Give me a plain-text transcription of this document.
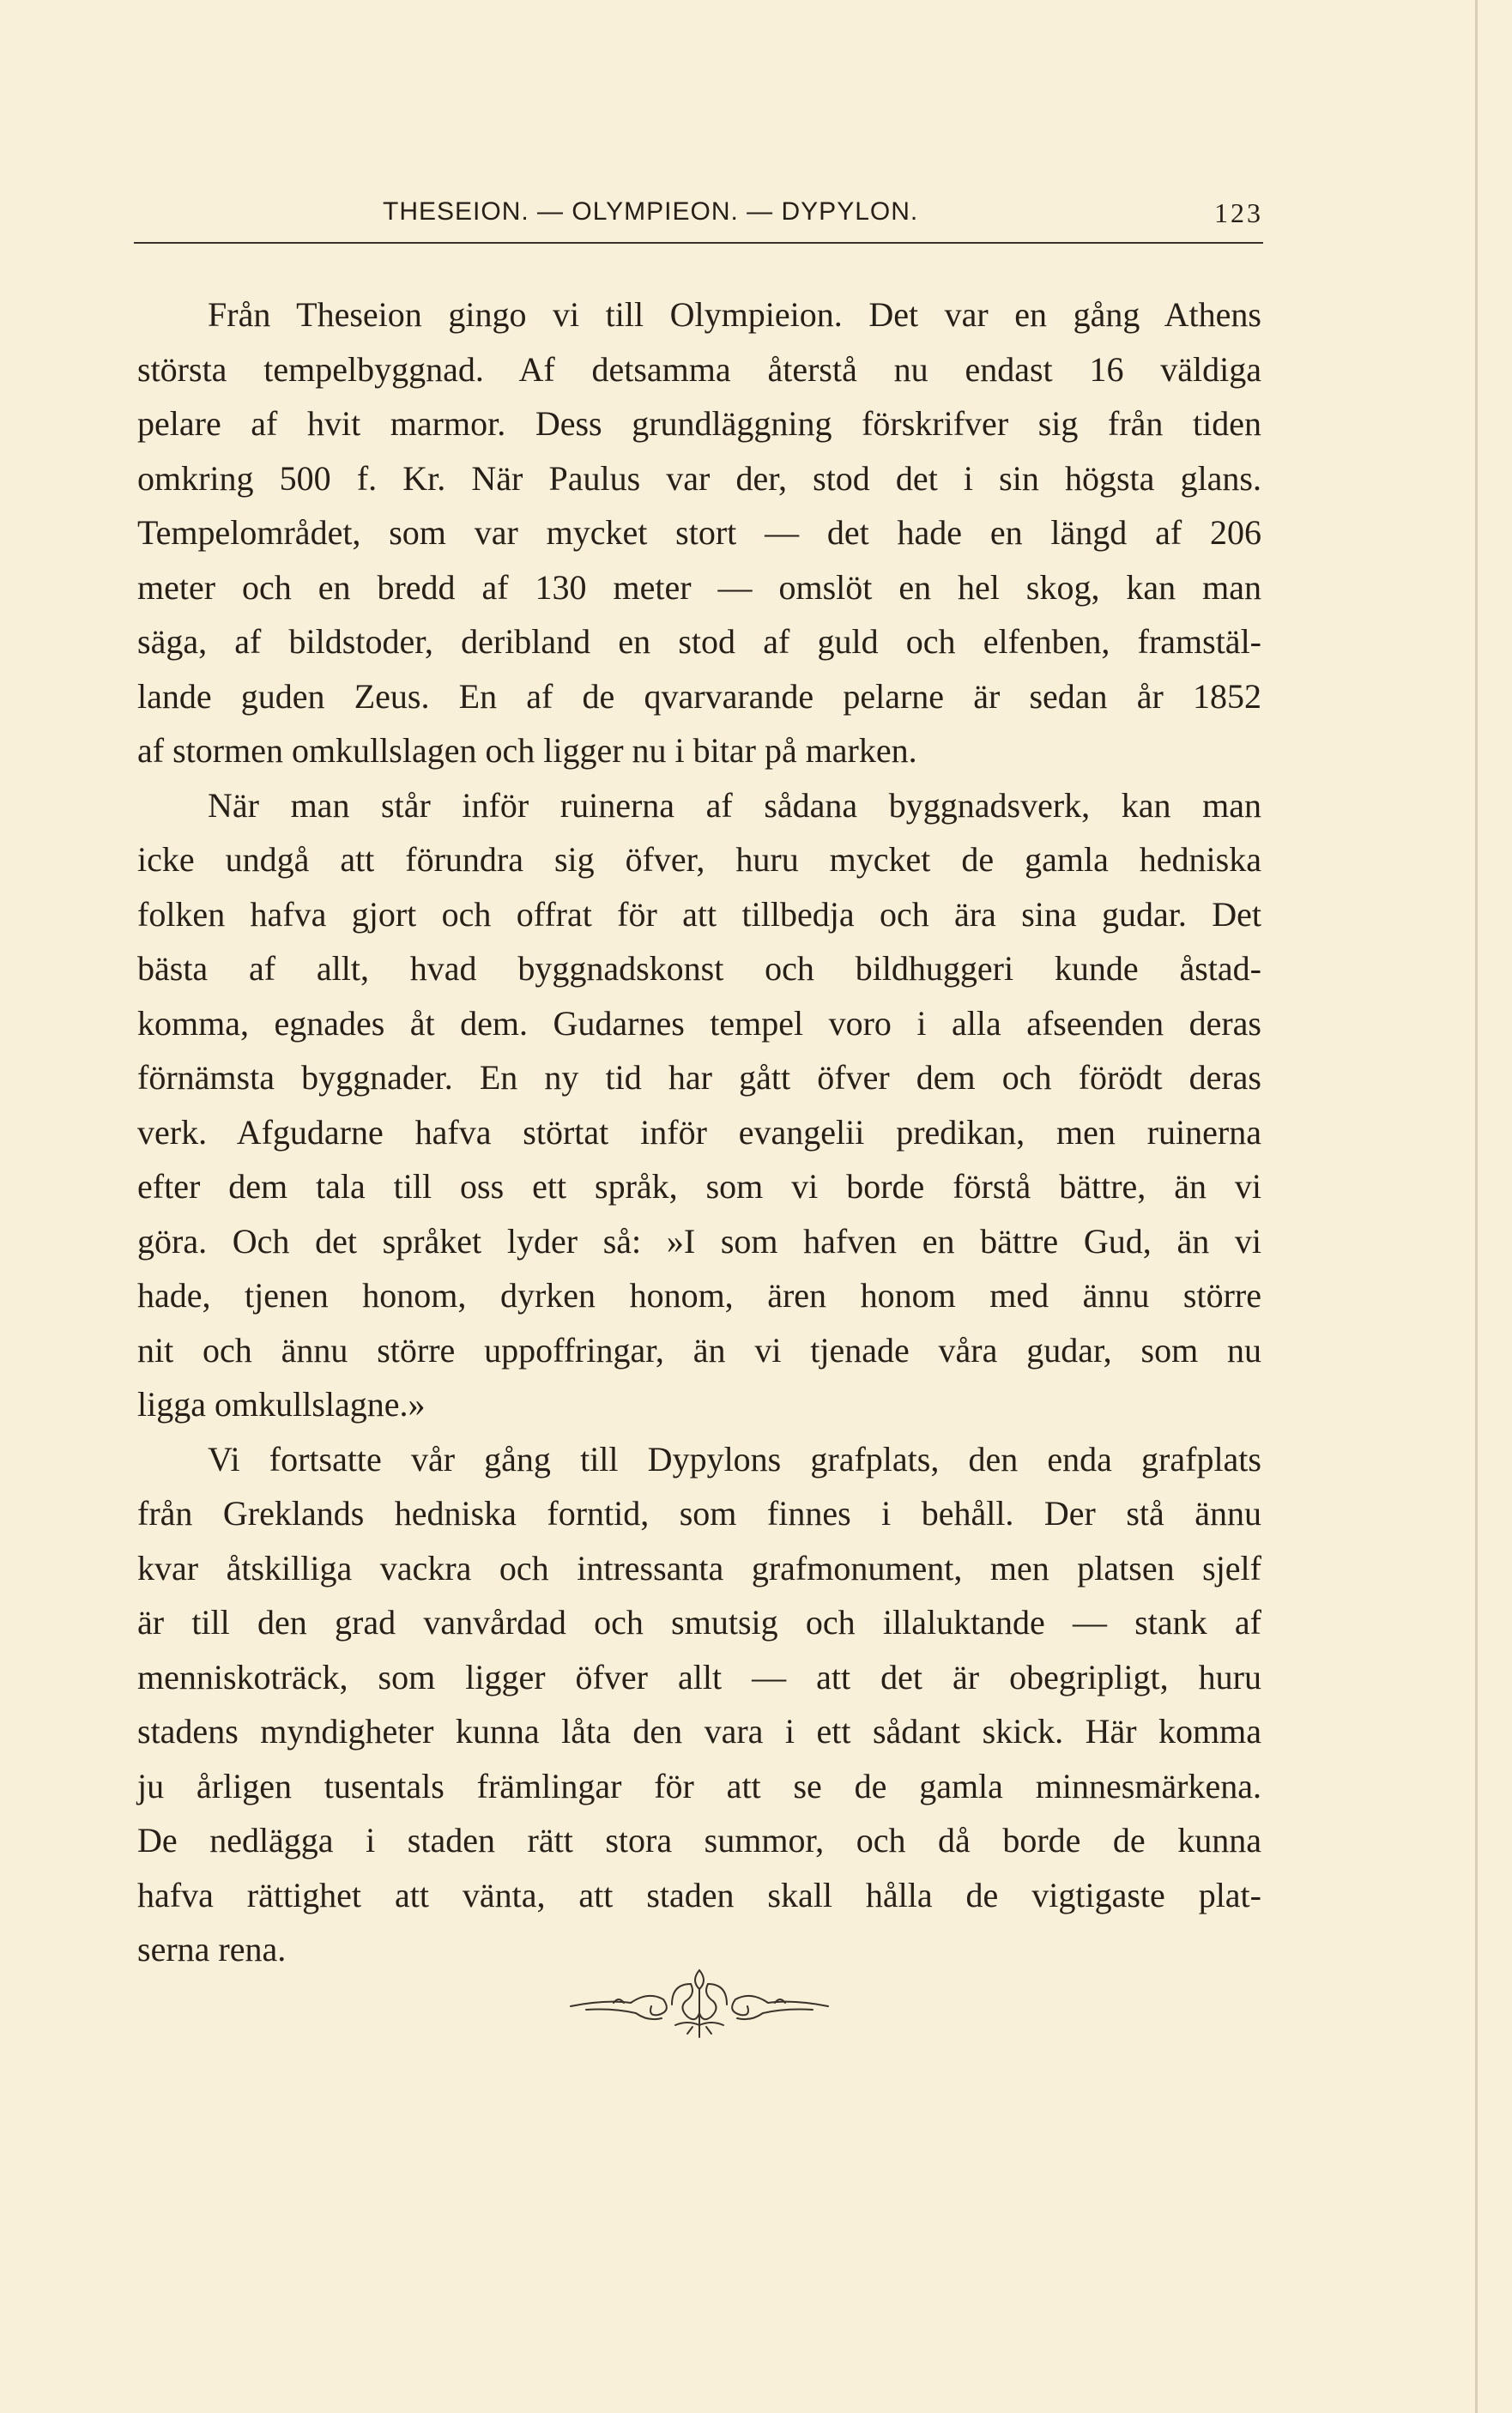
THESEION. — OLYMPIEON. — DYPYLON.	123

Från Theseion gingo vi till Olympieion. Det var en gång Athens

största tempelbyggnad. Af detsamma återstå nu endast 16 väldiga

pelare af hvit marmor. Dess grundläggning förskrifver sig från tiden

omkring 500 f. Kr. När Paulus var der, stod det i sin högsta glans.

Tempelområdet, som var mycket stort — det hade en längd af 206

meter och en bredd af 130 meter — omslöt en hel skog, kan man

säga, af bildstoder, deribland en stod af guld och elfenben, framstäl-

lande guden Zeus. En af de qvarvarande pelarne är sedan år 1852

af stormen omkullslagen och ligger nu i bitar på marken.

När man står inför ruinerna af sådana byggnadsverk, kan man

icke undgå att förundra sig öfver, huru mycket de gamla hedniska

folken hafva gjort och offrat för att tillbedja och ära sina gudar. Det

bästa af allt, hvad byggnadskonst och bildhuggeri kunde åstad-

komma, egnades åt dem. Gudarnes tempel voro i alla afseenden deras

förnämsta byggnader. En ny tid har gått öfver dem och förödt deras

verk. Afgudarne hafva störtat inför evangelii predikan, men ruinerna

efter dem tala till oss ett språk, som vi borde förstå bättre, än vi

göra. Och det språket lyder så: »I som hafven en bättre Gud, än vi

hade, tjenen honom, dyrken honom, ären honom med ännu större

nit och ännu större uppoffringar, än vi tjenade våra gudar, som nu

ligga omkullslagne.»

Vi fortsatte vår gång till Dypylons grafplats, den enda grafplats

från Greklands hedniska forntid, som finnes i behåll. Der stå ännu

kvar åtskilliga vackra och intressanta grafmonument, men platsen sjelf

är till den grad vanvårdad och smutsig och illaluktande — stank af

menniskoträck, som ligger öfver allt — att det är obegripligt, huru

stadens myndigheter kunna låta den vara i ett sådant skick. Här komma

ju årligen tusentals främlingar för att se de gamla minnesmärkena.

De nedlägga i staden rätt stora summor, och då borde de kunna

hafva rättighet att vänta, att staden skall hålla de vigtigaste plat-

serna rena.
